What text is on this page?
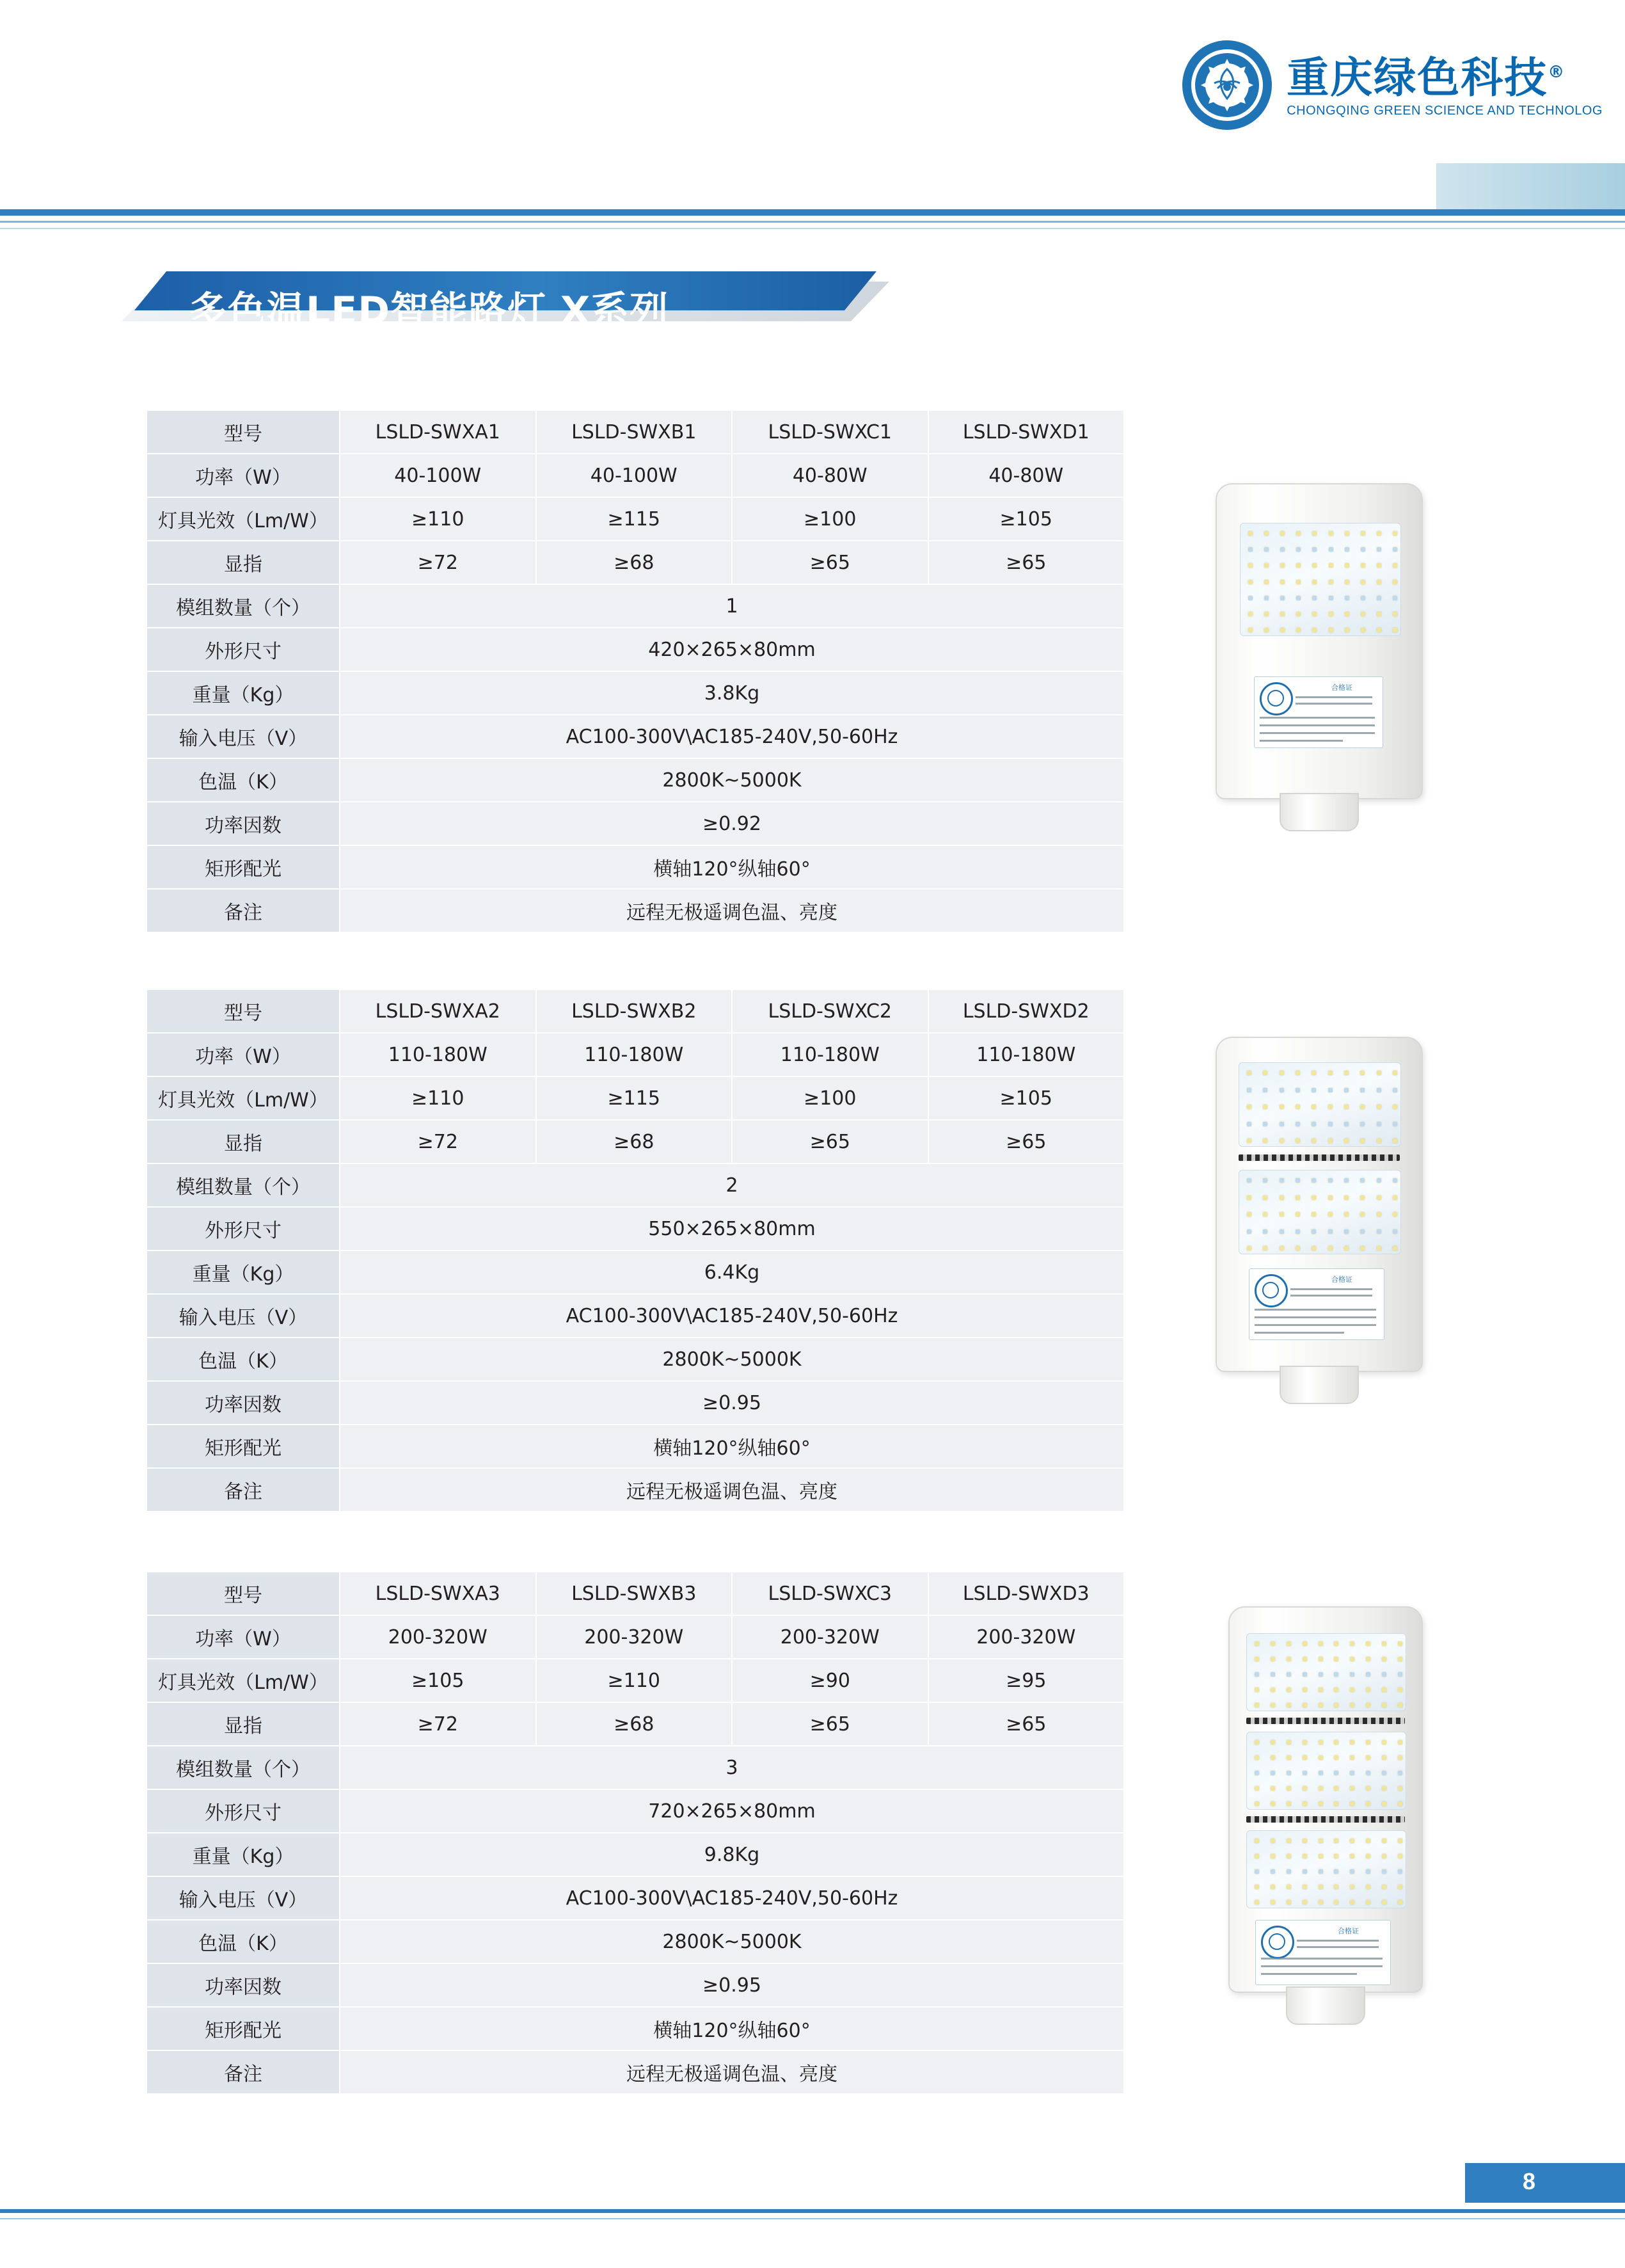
重庆绿色科技®
CHONGQING GREEN SCIENCE AND TECHNOLOG
多色温LED智能路灯 X系列
型号	LSLD-SWXA1	LSLD-SWXB1	LSLD-SWXC1	LSLD-SWXD1
功率（W）	40-100W	40-100W	40-80W	40-80W
灯具光效（Lm/W）	≥110	≥115	≥100	≥105
显指	≥72	≥68	≥65	≥65
模组数量（个）	1			
外形尺寸	420×265×80mm			
重量（Kg）	3.8Kg			
输入电压（V）	AC100-300V\AC185-240V,50-60Hz			
色温（K）	2800K~5000K			
功率因数	≥0.92			
矩形配光	横轴120°纵轴60°			
备注	远程无极遥调色温、亮度			
型号	LSLD-SWXA2	LSLD-SWXB2	LSLD-SWXC2	LSLD-SWXD2
功率（W）	110-180W	110-180W	110-180W	110-180W
灯具光效（Lm/W）	≥110	≥115	≥100	≥105
显指	≥72	≥68	≥65	≥65
模组数量（个）	2			
外形尺寸	550×265×80mm			
重量（Kg）	6.4Kg			
输入电压（V）	AC100-300V\AC185-240V,50-60Hz			
色温（K）	2800K~5000K			
功率因数	≥0.95			
矩形配光	横轴120°纵轴60°			
备注	远程无极遥调色温、亮度			
型号	LSLD-SWXA3	LSLD-SWXB3	LSLD-SWXC3	LSLD-SWXD3
功率（W）	200-320W	200-320W	200-320W	200-320W
灯具光效（Lm/W）	≥105	≥110	≥90	≥95
显指	≥72	≥68	≥65	≥65
模组数量（个）	3			
外形尺寸	720×265×80mm			
重量（Kg）	9.8Kg			
输入电压（V）	AC100-300V\AC185-240V,50-60Hz			
色温（K）	2800K~5000K			
功率因数	≥0.95			
矩形配光	横轴120°纵轴60°			
备注	远程无极遥调色温、亮度			
合格证
合格证
合格证
8
